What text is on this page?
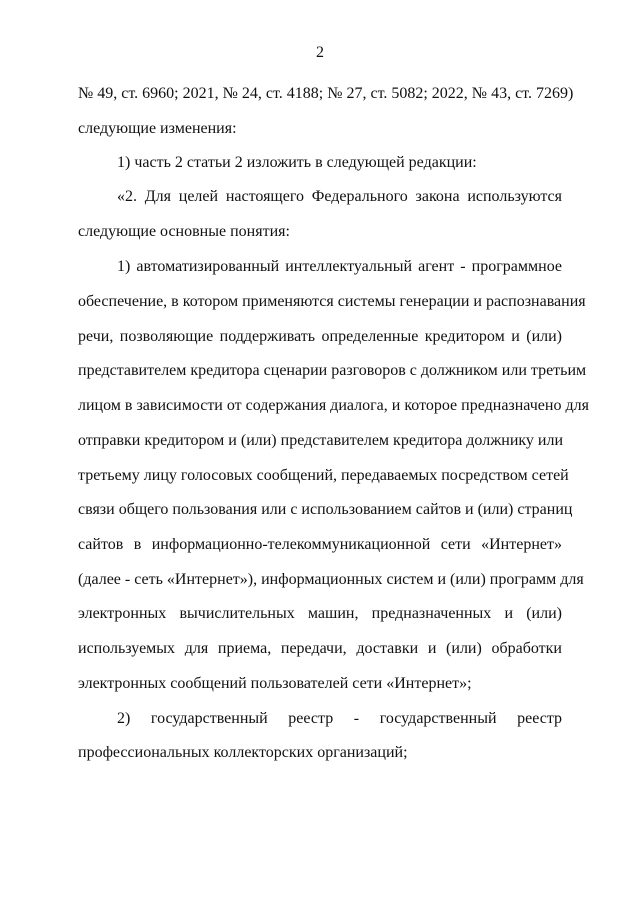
2
№ 49, ст. 6960; 2021, № 24, ст. 4188; № 27, ст. 5082; 2022, № 43, ст. 7269)
следующие изменения:
1) часть 2 статьи 2 изложить в следующей редакции:
«2. Для целей настоящего Федерального закона используются
следующие основные понятия:
1) автоматизированный интеллектуальный агент - программное
обеспечение, в котором применяются системы генерации и распознавания
речи, позволяющие поддерживать определенные кредитором и (или)
представителем кредитора сценарии разговоров с должником или третьим
лицом в зависимости от содержания диалога, и которое предназначено для
отправки кредитором и (или) представителем кредитора должнику или
третьему лицу голосовых сообщений, передаваемых посредством сетей
связи общего пользования или с использованием сайтов и (или) страниц
сайтов в информационно-телекоммуникационной сети «Интернет»
(далее - сеть «Интернет»), информационных систем и (или) программ для
электронных вычислительных машин, предназначенных и (или)
используемых для приема, передачи, доставки и (или) обработки
электронных сообщений пользователей сети «Интернет»;
2) государственный реестр - государственный реестр
профессиональных коллекторских организаций;
